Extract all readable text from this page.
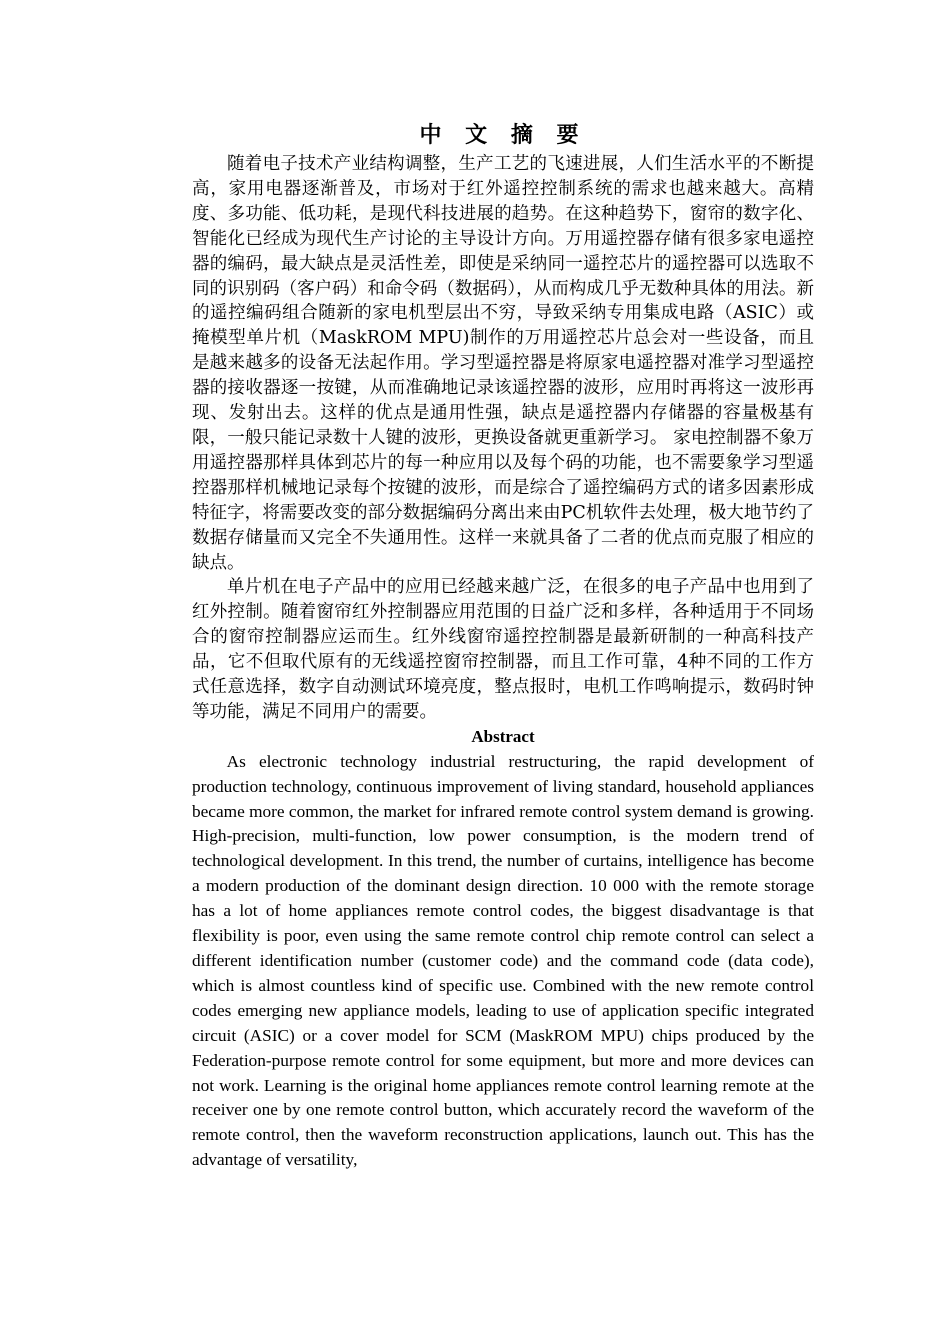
中 文 摘 要

随着电子技术产业结构调整，生产工艺的飞速进展，人们生活水平的不断提高，家用电器逐渐普及，市场对于红外遥控控制系统的需求也越来越大。高精度、多功能、低功耗，是现代科技进展的趋势。在这种趋势下，窗帘的数字化、智能化已经成为现代生产讨论的主导设计方向。万用遥控器存储有很多家电遥控器的编码，最大缺点是灵活性差，即使是采纳同一遥控芯片的遥控器可以选取不同的识别码（客户码）和命令码（数据码），从而构成几乎无数种具体的用法。新的遥控编码组合随新的家电机型层出不穷，导致采纳专用集成电路（ASIC）或掩模型单片机（MaskROM MPU)制作的万用遥控芯片总会对一些设备，而且是越来越多的设备无法起作用。学习型遥控器是将原家电遥控器对准学习型遥控器的接收器逐一按键，从而准确地记录该遥控器的波形，应用时再将这一波形再现、发射出去。这样的优点是通用性强，缺点是遥控器内存储器的容量极基有限，一般只能记录数十人键的波形，更换设备就更重新学习。 家电控制器不象万用遥控器那样具体到芯片的每一种应用以及每个码的功能，也不需要象学习型遥控器那样机械地记录每个按键的波形，而是综合了遥控编码方式的诸多因素形成特征字，将需要改变的部分数据编码分离出来由PC机软件去处理，极大地节约了数据存储量而又完全不失通用性。这样一来就具备了二者的优点而克服了相应的缺点。

单片机在电子产品中的应用已经越来越广泛，在很多的电子产品中也用到了红外控制。随着窗帘红外控制器应用范围的日益广泛和多样，各种适用于不同场合的窗帘控制器应运而生。红外线窗帘遥控控制器是最新研制的一种高科技产品，它不但取代原有的无线遥控窗帘控制器，而且工作可靠，4种不同的工作方式任意选择，数字自动测试环境亮度，整点报时，电机工作鸣响提示，数码时钟等功能，满足不同用户的需要。

Abstract

As electronic technology industrial restructuring, the rapid development of production technology, continuous improvement of living standard, household appliances became more common, the market for infrared remote control system demand is growing. High-precision, multi-function, low power consumption, is the modern trend of technological development. In this trend, the number of curtains, intelligence has become a modern production of the dominant design direction. 10 000 with the remote storage has a lot of home appliances remote control codes, the biggest disadvantage is that flexibility is poor, even using the same remote control chip remote control can select a different identification number (customer code) and the command code (data code), which is almost countless kind of specific use. Combined with the new remote control codes emerging new appliance models, leading to use of application specific integrated circuit (ASIC) or a cover model for SCM (MaskROM MPU) chips produced by the Federation-purpose remote control for some equipment, but more and more devices can not work. Learning is the original home appliances remote control learning remote at the receiver one by one remote control button, which accurately record the waveform of the remote control, then the waveform reconstruction applications, launch out. This has the advantage of versatility,
